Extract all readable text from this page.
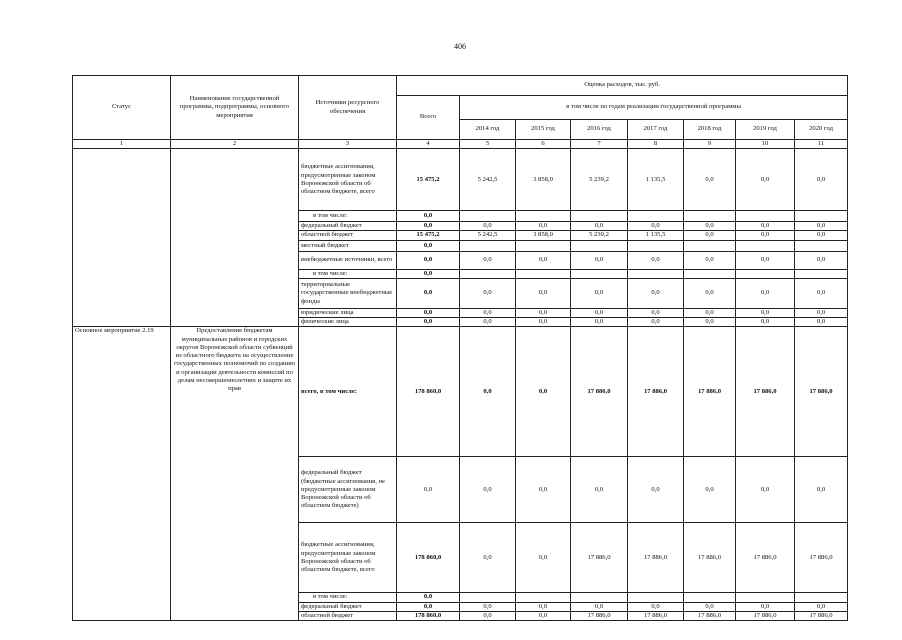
406
Статус	Наименование государственной программы, подпрограммы, основного мероприятия	Источники ресурсного обеспечения	Оценка расходов, тыс. руб.							
			Всего	в том числе по годам реализации государственной программы						
				2014 год	2015 год	2016 год	2017 год	2018 год	2019 год	2020 год
1	2	3	4	5	6	7	8	9	10	11
		бюджетные ассигнования, предусмотренные законом Воронежской области об областном бюджете, всего	15 475,2	5 242,5	3 858,0	5 239,2	1 135,5	0,0	0,0	0,0
		в том числе:	0,0							
		федеральный бюджет	0,0	0,0	0,0	0,0	0,0	0,0	0,0	0,0
		областной бюджет	15 475,2	5 242,5	3 858,0	5 239,2	1 135,5	0,0	0,0	0,0
		местный бюджет	0,0							
		внебюджетные источники, всего	0,0	0,0	0,0	0,0	0,0	0,0	0,0	0,0
		в том числе:	0,0							
		территориальные государственные внебюджетные фонды	0,0	0,0	0,0	0,0	0,0	0,0	0,0	0,0
		юридические лица	0,0	0,0	0,0	0,0	0,0	0,0	0,0	0,0
		физические лица	0,0	0,0	0,0	0,0	0,0	0,0	0,0	0,0
Основное мероприятие 2.19	Предоставление бюджетам муниципальных районов и городских округов Воронежской области субвенций из областного бюджета на осуществление государственных полномочий по созданию и организации деятельности комиссий по делам несовершеннолетних и защите их прав	всего, в том числе:	178 860,0	0,0	0,0	17 886,0	17 886,0	17 886,0	17 886,0	17 886,0
		федеральный бюджет (бюджетные ассигнования, не предусмотренные законом Воронежской области об областном бюджете)	0,0	0,0	0,0	0,0	0,0	0,0	0,0	0,0
		бюджетные ассигнования, предусмотренные законом Воронежской области об областном бюджете, всего	178 860,0	0,0	0,0	17 886,0	17 886,0	17 886,0	17 886,0	17 886,0
		в том числе:	0,0							
		федеральный бюджет	0,0	0,0	0,0	0,0	0,0	0,0	0,0	0,0
		областной бюджет	178 860,0	0,0	0,0	17 886,0	17 886,0	17 886,0	17 886,0	17 886,0
